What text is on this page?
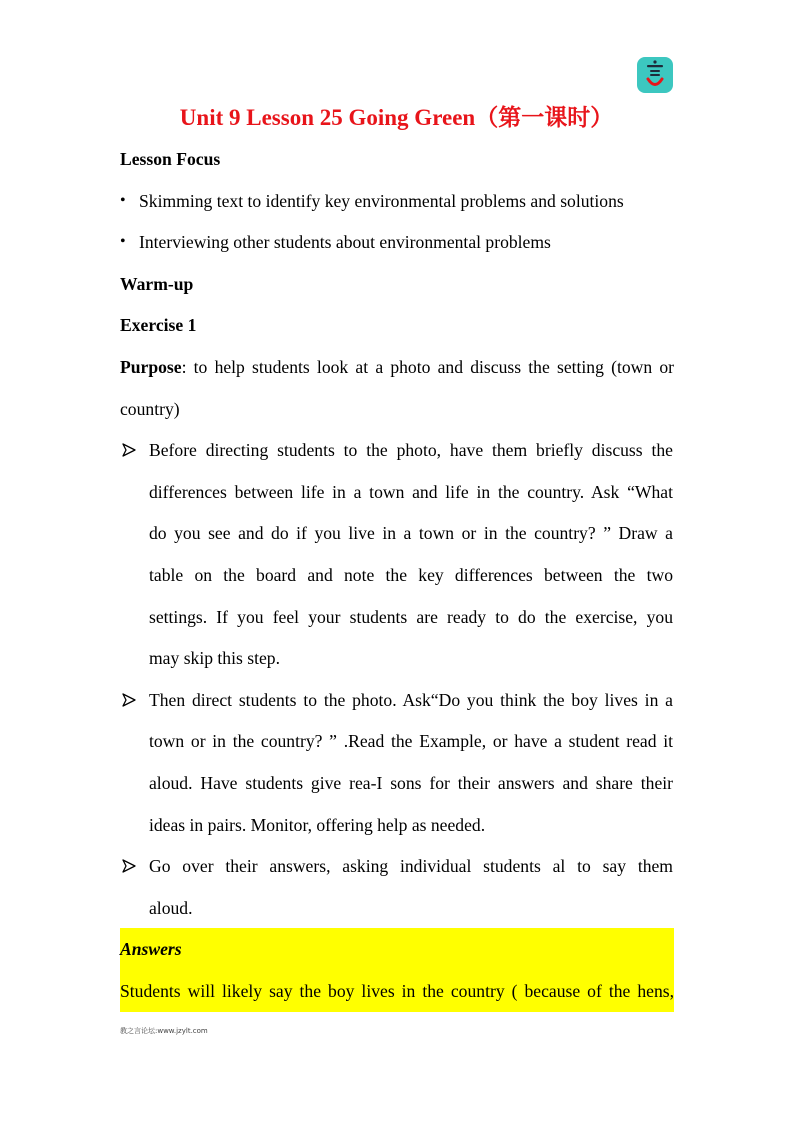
Unit 9 Lesson 25 Going Green（第一课时）
Lesson Focus
• Skimming text to identify key environmental problems and solutions
• Interviewing other students about environmental problems
Warm-up
Exercise 1
Purpose: to help students look at a photo and discuss the setting (town or
country)
Before directing students to the photo, have them briefly discuss the
differences between life in a town and life in the country. Ask “What
do you see and do if you live in a town or in the country? ” Draw a
table on the board and note the key differences between the two
settings. If you feel your students are ready to do the exercise, you
may skip this step.
Then direct students to the photo. Ask“Do you think the boy lives in a
town or in the country? ” .Read the Example, or have a student read it
aloud. Have students give rea-I sons for their answers and share their
ideas in pairs. Monitor, offering help as needed.
Go over their answers, asking individual students al to say them
aloud.
Answers
Students will likely say the boy lives in the country ( because of the hens,
教之言论坛:www.jzylt.com
